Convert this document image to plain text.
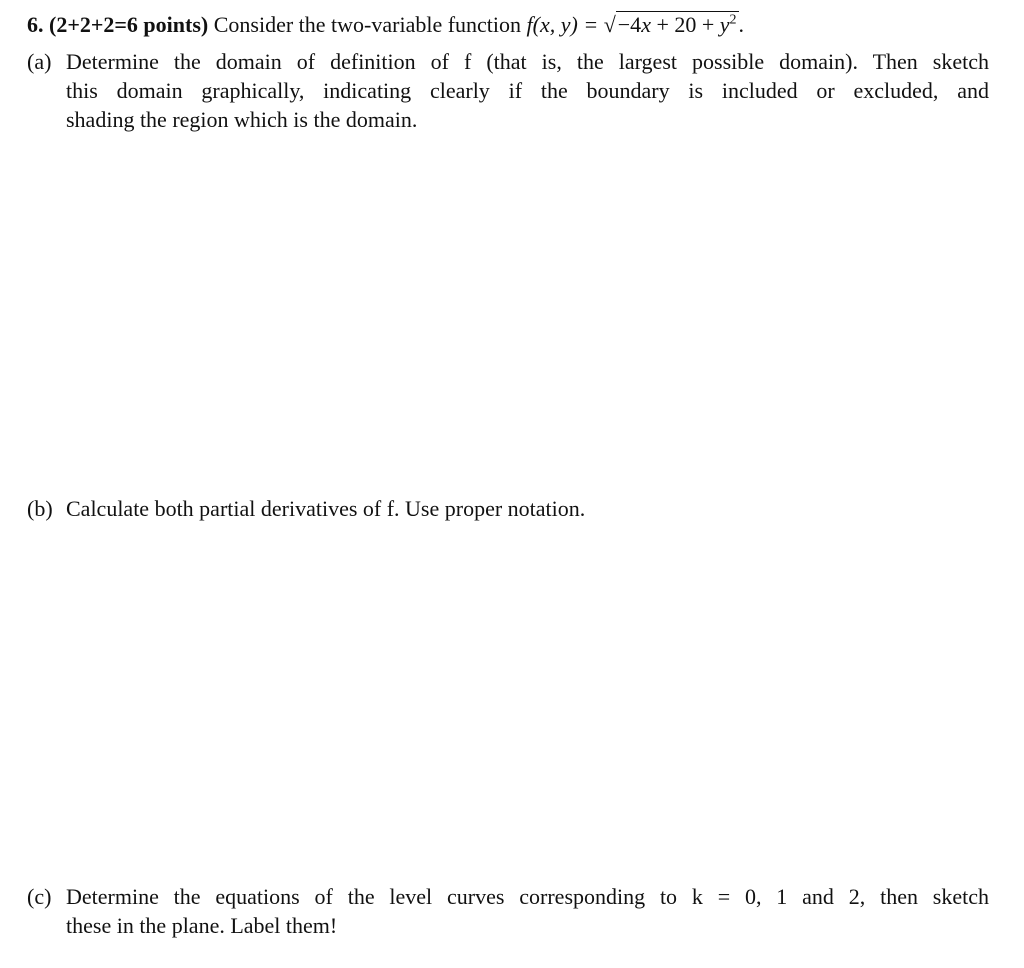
6. (2+2+2=6 points) Consider the two-variable function f(x, $y) = √-4x + 20 + y^2$.
(a) Determine the domain of definition of f (that is, the largest possible domain). Then sketch
this domain graphically, indicating clearly if the boundary is included or excluded, and
shading the region which is the domain.
(b) Calculate both partial derivatives of f. Use proper notation.
(c) Determine the equations of the level curves corresponding to k = 0, 1 and 2, then sketch
these in the plane. Label them!
